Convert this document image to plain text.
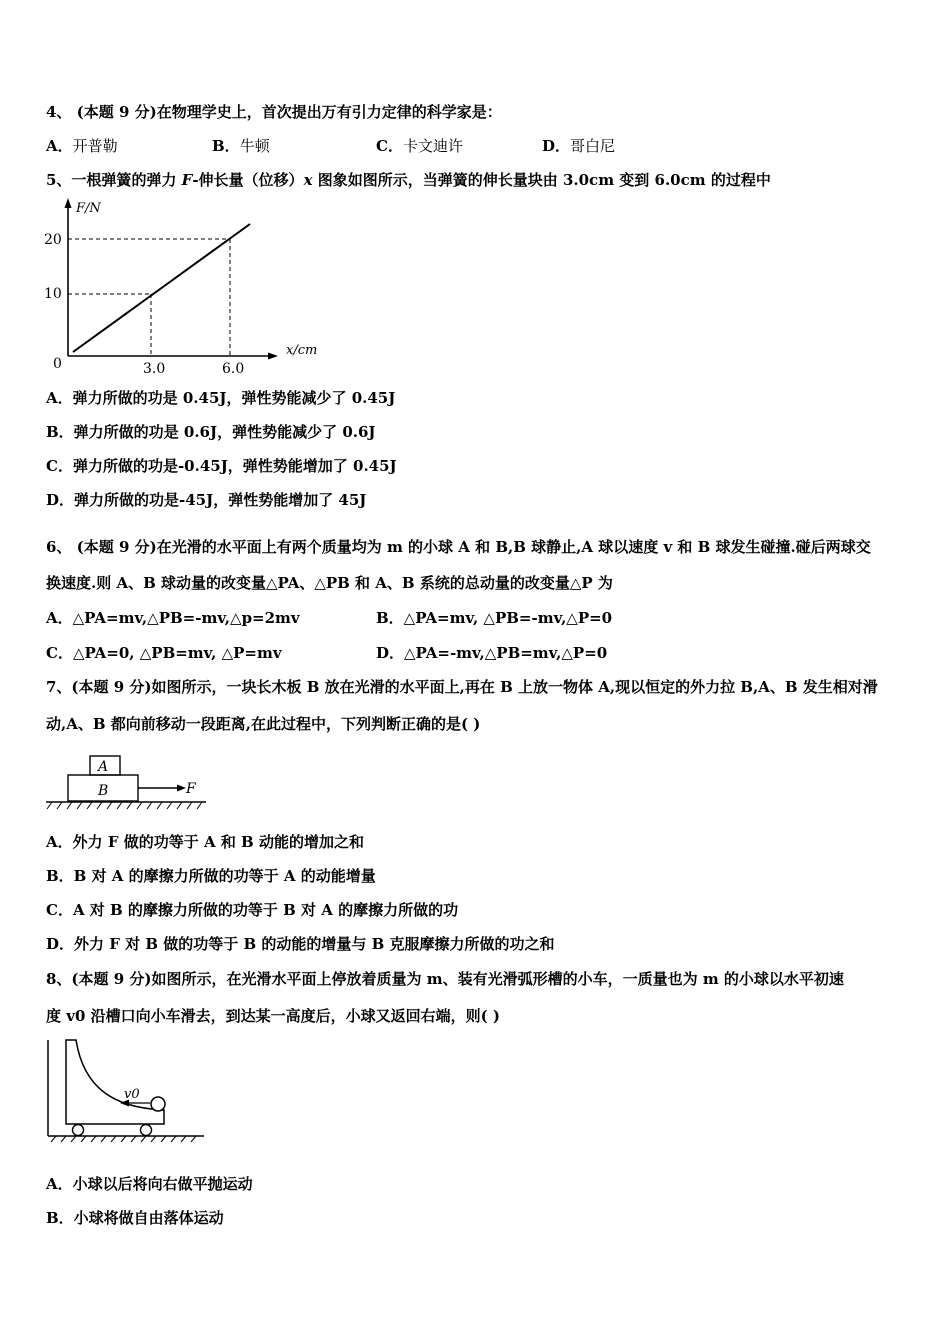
4、 (本题 9 分)在物理学史上，首次提出万有引力定律的科学家是：
A．开普勒	B．牛顿	C．卡文迪许	D．哥白尼
5、一根弹簧的弹力 F-伸长量（位移）x 图象如图所示，当弹簧的伸长量块由 3.0cm 变到 6.0cm 的过程中
F/N
20
10
0	3.0	6.0
x/cm
A．弹力所做的功是 0.45J，弹性势能减少了 0.45J
B．弹力所做的功是 0.6J，弹性势能减少了 0.6J
C．弹力所做的功是-0.45J，弹性势能增加了 0.45J
D．弹力所做的功是-45J，弹性势能增加了 45J
6、 (本题 9 分)在光滑的水平面上有两个质量均为 m 的小球 A 和 B,B 球静止,A 球以速度 v 和 B 球发生碰撞.碰后两球交
换速度.则 A、B 球动量的改变量△PA、△PB 和 A、B 系统的总动量的改变量△P 为
A．△PA=mv,△PB=-mv,△p=2mv	B．△PA=mv, △PB=-mv,△P=0
C．△PA=0, △PB=mv, △P=mv	D．△PA=-mv,△PB=mv,△P=0
7、(本题 9 分)如图所示，一块长木板 B 放在光滑的水平面上,再在 B 上放一物体 A,现以恒定的外力拉 B,A、B 发生相对滑
动,A、B 都向前移动一段距离,在此过程中，下列判断正确的是( )
A
B	F
A．外力 F 做的功等于 A 和 B 动能的增加之和
B．B 对 A 的摩擦力所做的功等于 A 的动能增量
C．A 对 B 的摩擦力所做的功等于 B 对 A 的摩擦力所做的功
D．外力 F 对 B 做的功等于 B 的动能的增量与 B 克服摩擦力所做的功之和
8、(本题 9 分)如图所示，在光滑水平面上停放着质量为 m、装有光滑弧形槽的小车，一质量也为 m 的小球以水平初速
度 v0 沿槽口向小车滑去，到达某一高度后，小球又返回右端，则( )
v0
A．小球以后将向右做平抛运动
B．小球将做自由落体运动
